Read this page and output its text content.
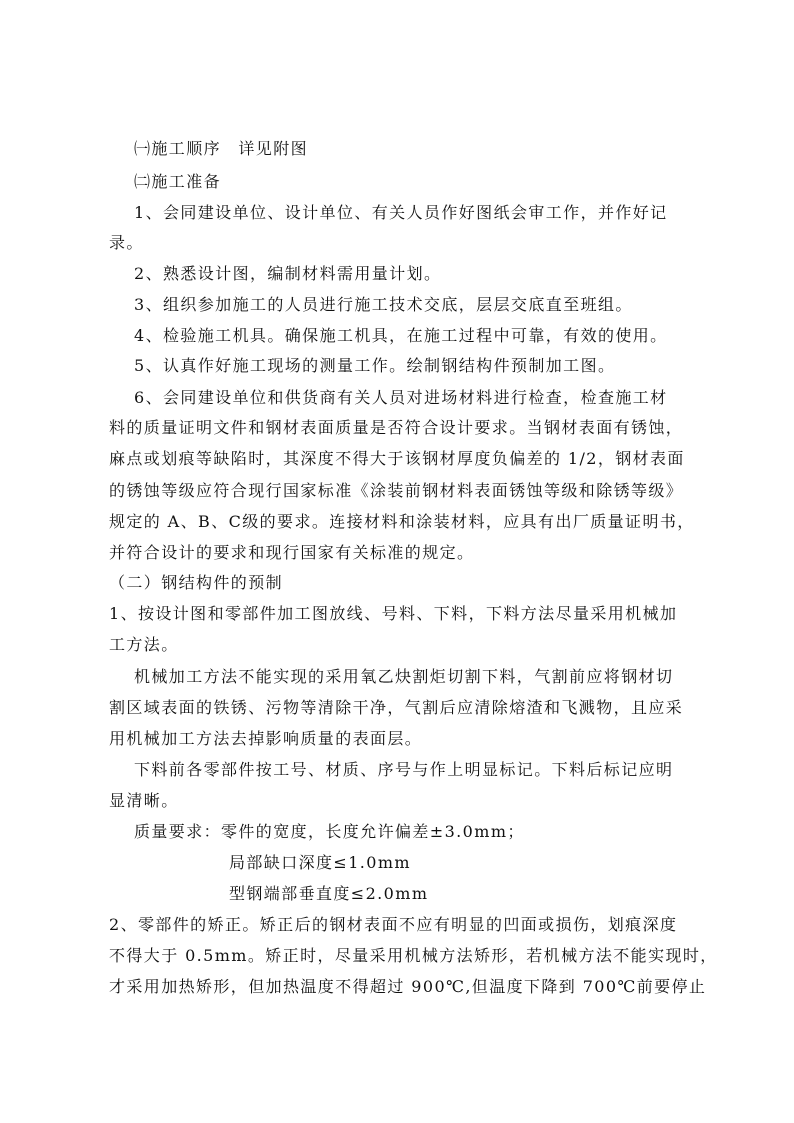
㈠施工顺序　详见附图
㈡施工准备
1、会同建设单位、设计单位、有关人员作好图纸会审工作，并作好记
录。
2、熟悉设计图，编制材料需用量计划。
3、组织参加施工的人员进行施工技术交底，层层交底直至班组。
4、检验施工机具。确保施工机具，在施工过程中可靠，有效的使用。
5、认真作好施工现场的测量工作。绘制钢结构件预制加工图。
6、会同建设单位和供货商有关人员对进场材料进行检查，检查施工材
料的质量证明文件和钢材表面质量是否符合设计要求。当钢材表面有锈蚀，
麻点或划痕等缺陷时，其深度不得大于该钢材厚度负偏差的 1/2，钢材表面
的锈蚀等级应符合现行国家标准《涂装前钢材料表面锈蚀等级和除锈等级》
规定的 A、B、C级的要求。连接材料和涂装材料，应具有出厂质量证明书，
并符合设计的要求和现行国家有关标准的规定。
（二）钢结构件的预制
1、按设计图和零部件加工图放线、号料、下料，下料方法尽量采用机械加
工方法。
机械加工方法不能实现的采用氧乙炔割炬切割下料，气割前应将钢材切
割区域表面的铁锈、污物等清除干净，气割后应清除熔渣和飞溅物，且应采
用机械加工方法去掉影响质量的表面层。
下料前各零部件按工号、材质、序号与作上明显标记。下料后标记应明
显清晰。
质量要求：零件的宽度，长度允许偏差±3.0mm；
局部缺口深度≤1.0mm
型钢端部垂直度≤2.0mm
2、零部件的矫正。矫正后的钢材表面不应有明显的凹面或损伤，划痕深度
不得大于 0.5mm。矫正时，尽量采用机械方法矫形，若机械方法不能实现时，
才采用加热矫形，但加热温度不得超过 900℃,但温度下降到 700℃前要停止
